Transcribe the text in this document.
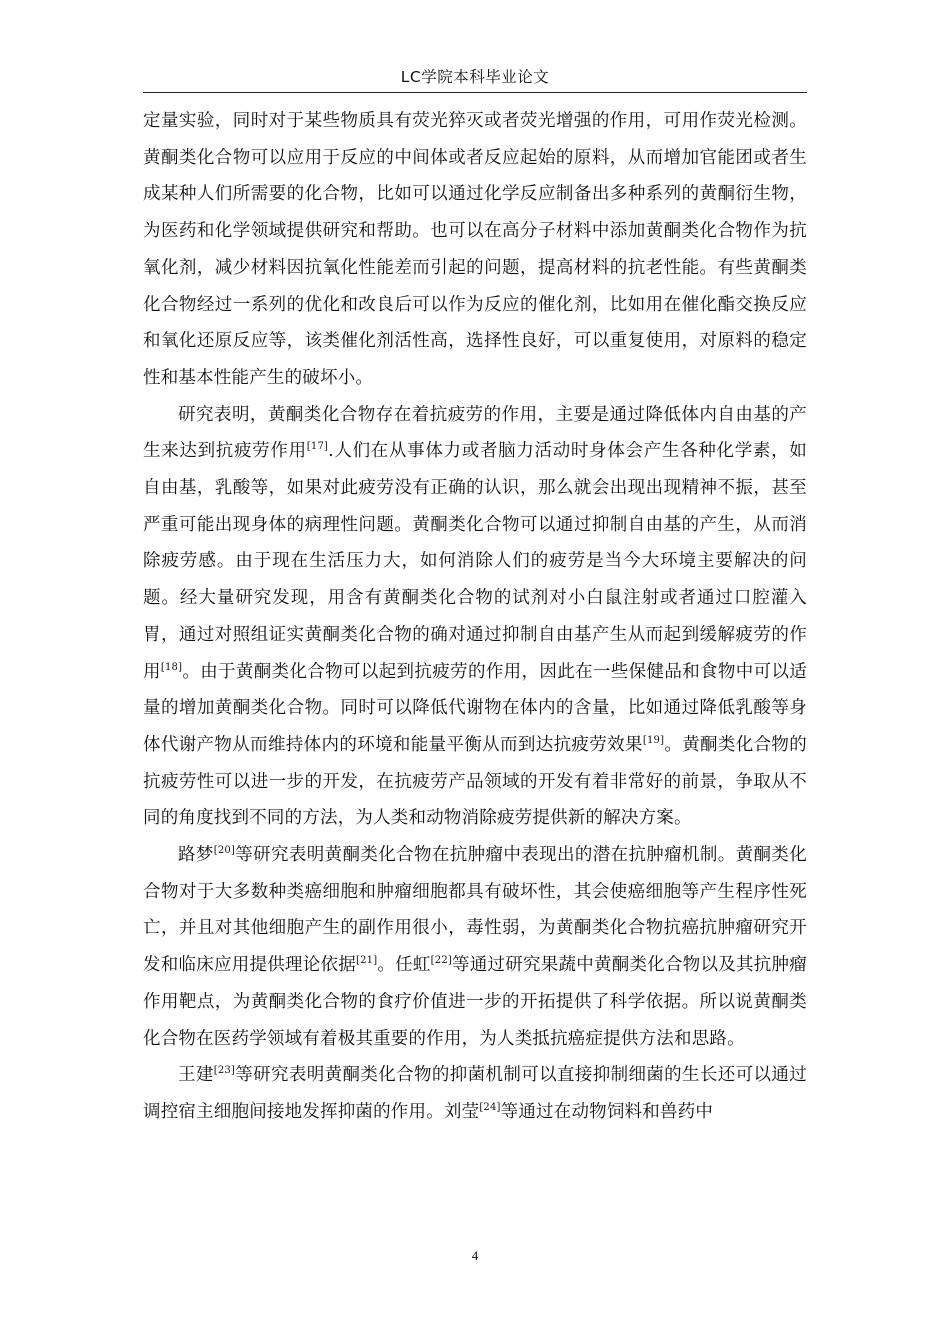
LC学院本科毕业论文

定量实验，同时对于某些物质具有荧光猝灭或者荧光增强的作用，可用作荧光检测。黄酮类化合物可以应用于反应的中间体或者反应起始的原料，从而增加官能团或者生成某种人们所需要的化合物，比如可以通过化学反应制备出多种系列的黄酮衍生物，为医药和化学领域提供研究和帮助。也可以在高分子材料中添加黄酮类化合物作为抗氧化剂，减少材料因抗氧化性能差而引起的问题，提高材料的抗老性能。有些黄酮类化合物经过一系列的优化和改良后可以作为反应的催化剂，比如用在催化酯交换反应和氧化还原反应等，该类催化剂活性高，选择性良好，可以重复使用，对原料的稳定性和基本性能产生的破坏小。

研究表明，黄酮类化合物存在着抗疲劳的作用，主要是通过降低体内自由基的产生来达到抗疲劳作用[17].人们在从事体力或者脑力活动时身体会产生各种化学素，如自由基，乳酸等，如果对此疲劳没有正确的认识，那么就会出现出现精神不振，甚至严重可能出现身体的病理性问题。黄酮类化合物可以通过抑制自由基的产生，从而消除疲劳感。由于现在生活压力大，如何消除人们的疲劳是当今大环境主要解决的问题。经大量研究发现，用含有黄酮类化合物的试剂对小白鼠注射或者通过口腔灌入胃，通过对照组证实黄酮类化合物的确对通过抑制自由基产生从而起到缓解疲劳的作用[18]。由于黄酮类化合物可以起到抗疲劳的作用，因此在一些保健品和食物中可以适量的增加黄酮类化合物。同时可以降低代谢物在体内的含量，比如通过降低乳酸等身体代谢产物从而维持体内的环境和能量平衡从而到达抗疲劳效果[19]。黄酮类化合物的抗疲劳性可以进一步的开发，在抗疲劳产品领域的开发有着非常好的前景，争取从不同的角度找到不同的方法，为人类和动物消除疲劳提供新的解决方案。

路梦[20]等研究表明黄酮类化合物在抗肿瘤中表现出的潜在抗肿瘤机制。黄酮类化合物对于大多数种类癌细胞和肿瘤细胞都具有破坏性，其会使癌细胞等产生程序性死亡，并且对其他细胞产生的副作用很小，毒性弱，为黄酮类化合物抗癌抗肿瘤研究开发和临床应用提供理论依据[21]。任虹[22]等通过研究果蔬中黄酮类化合物以及其抗肿瘤作用靶点，为黄酮类化合物的食疗价值进一步的开拓提供了科学依据。所以说黄酮类化合物在医药学领域有着极其重要的作用，为人类抵抗癌症提供方法和思路。

王建[23]等研究表明黄酮类化合物的抑菌机制可以直接抑制细菌的生长还可以通过调控宿主细胞间接地发挥抑菌的作用。刘莹[24]等通过在动物饲料和兽药中

4
